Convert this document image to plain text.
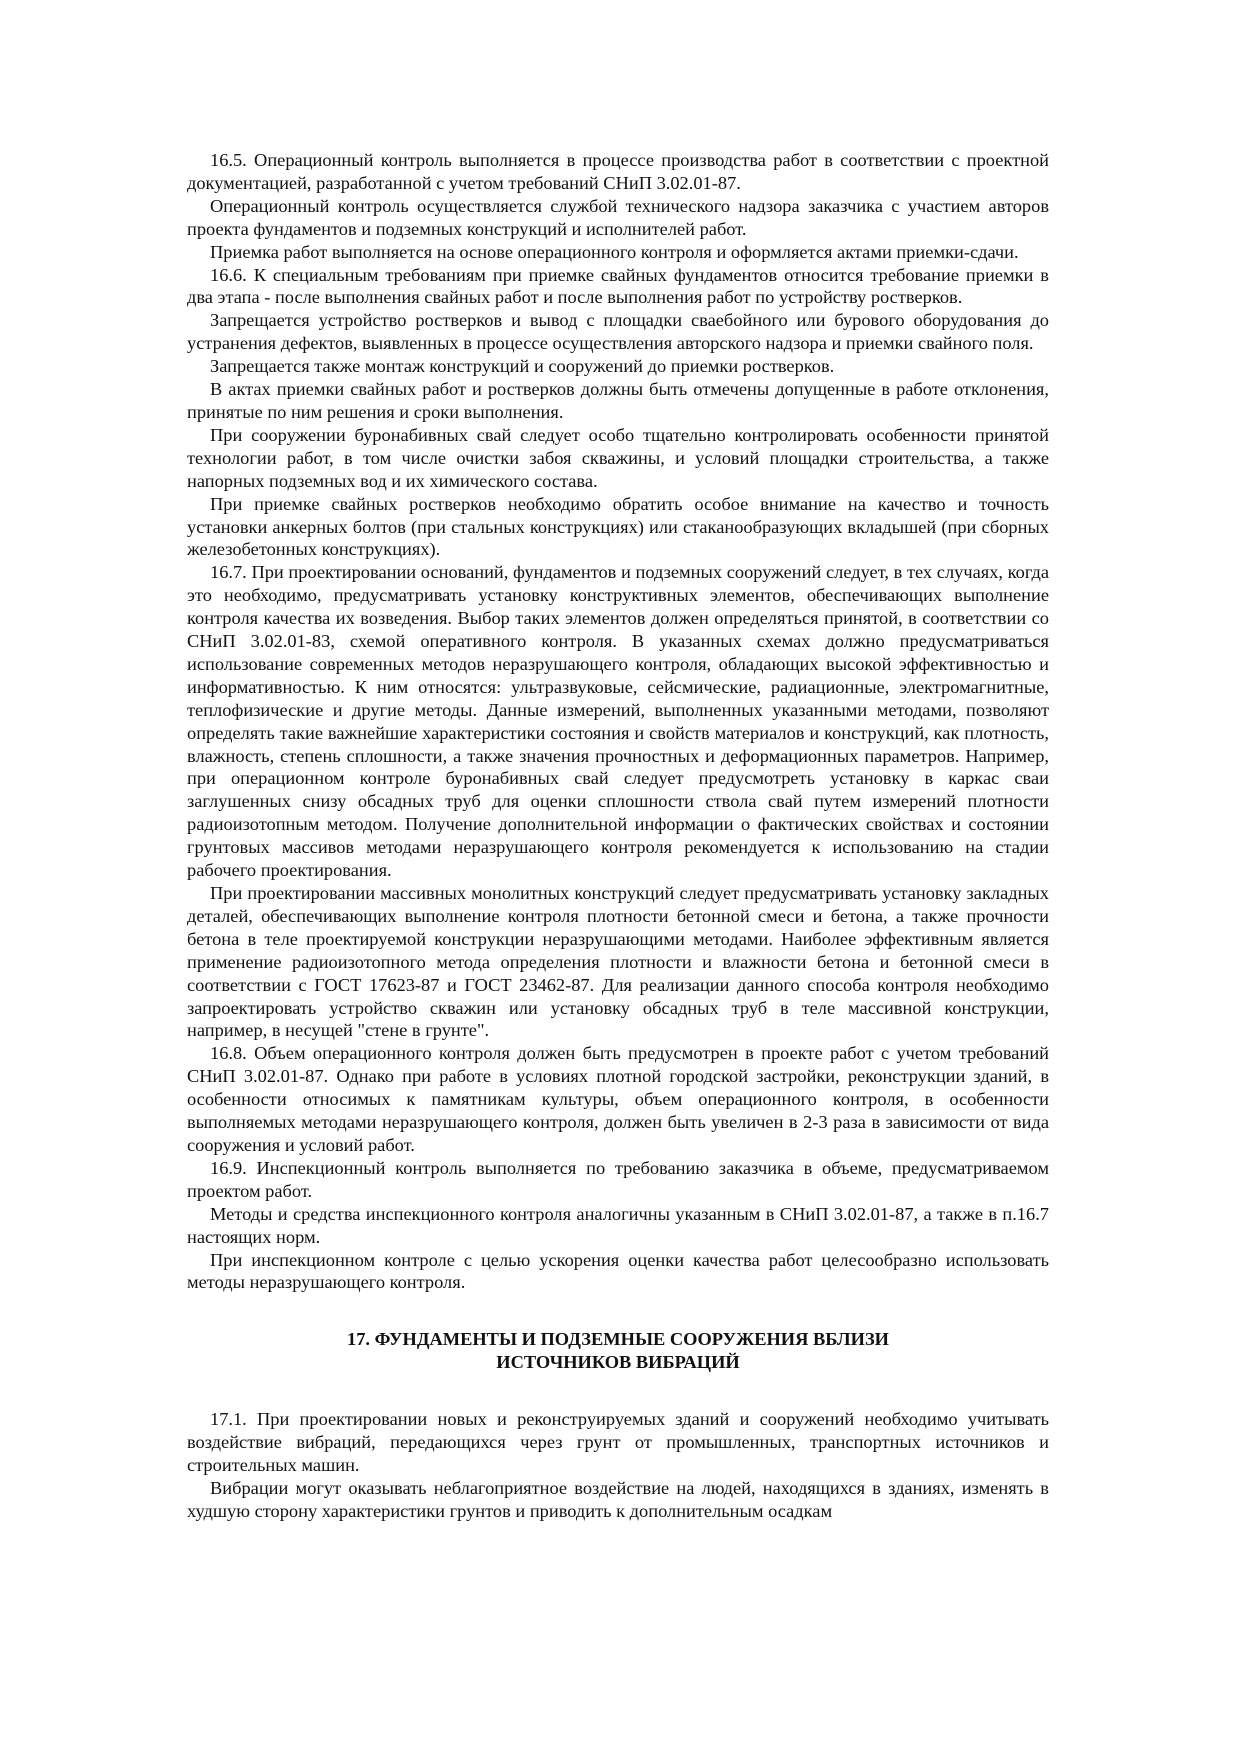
16.5. Операционный контроль выполняется в процессе производства работ в соответствии с проектной документацией, разработанной с учетом требований СНиП 3.02.01-87.

Операционный контроль осуществляется службой технического надзора заказчика с участием авторов проекта фундаментов и подземных конструкций и исполнителей работ.

Приемка работ выполняется на основе операционного контроля и оформляется актами приемки-сдачи.

16.6. К специальным требованиям при приемке свайных фундаментов относится требование приемки в два этапа - после выполнения свайных работ и после выполнения работ по устройству ростверков.

Запрещается устройство ростверков и вывод с площадки сваебойного или бурового оборудования до устранения дефектов, выявленных в процессе осуществления авторского надзора и приемки свайного поля.

Запрещается также монтаж конструкций и сооружений до приемки ростверков.

В актах приемки свайных работ и ростверков должны быть отмечены допущенные в работе отклонения, принятые по ним решения и сроки выполнения.

При сооружении буронабивных свай следует особо тщательно контролировать особенности принятой технологии работ, в том числе очистки забоя скважины, и условий площадки строительства, а также напорных подземных вод и их химического состава.

При приемке свайных ростверков необходимо обратить особое внимание на качество и точность установки анкерных болтов (при стальных конструкциях) или стаканообразующих вкладышей (при сборных железобетонных конструкциях).

16.7. При проектировании оснований, фундаментов и подземных сооружений следует, в тех случаях, когда это необходимо, предусматривать установку конструктивных элементов, обеспечивающих выполнение контроля качества их возведения. Выбор таких элементов должен определяться принятой, в соответствии со СНиП 3.02.01-83, схемой оперативного контроля. В указанных схемах должно предусматриваться использование современных методов неразрушающего контроля, обладающих высокой эффективностью и информативностью. К ним относятся: ультразвуковые, сейсмические, радиационные, электромагнитные, теплофизические и другие методы. Данные измерений, выполненных указанными методами, позволяют определять такие важнейшие характеристики состояния и свойств материалов и конструкций, как плотность, влажность, степень сплошности, а также значения прочностных и деформационных параметров. Например, при операционном контроле буронабивных свай следует предусмотреть установку в каркас сваи заглушенных снизу обсадных труб для оценки сплошности ствола свай путем измерений плотности радиоизотопным методом. Получение дополнительной информации о фактических свойствах и состоянии грунтовых массивов методами неразрушающего контроля рекомендуется к использованию на стадии рабочего проектирования.

При проектировании массивных монолитных конструкций следует предусматривать установку закладных деталей, обеспечивающих выполнение контроля плотности бетонной смеси и бетона, а также прочности бетона в теле проектируемой конструкции неразрушающими методами. Наиболее эффективным является применение радиоизотопного метода определения плотности и влажности бетона и бетонной смеси в соответствии с ГОСТ 17623-87 и ГОСТ 23462-87. Для реализации данного способа контроля необходимо запроектировать устройство скважин или установку обсадных труб в теле массивной конструкции, например, в несущей "стене в грунте".

16.8. Объем операционного контроля должен быть предусмотрен в проекте работ с учетом требований СНиП 3.02.01-87. Однако при работе в условиях плотной городской застройки, реконструкции зданий, в особенности относимых к памятникам культуры, объем операционного контроля, в особенности выполняемых методами неразрушающего контроля, должен быть увеличен в 2-3 раза в зависимости от вида сооружения и условий работ.

16.9. Инспекционный контроль выполняется по требованию заказчика в объеме, предусматриваемом проектом работ.

Методы и средства инспекционного контроля аналогичны указанным в СНиП 3.02.01-87, а также в п.16.7 настоящих норм.

При инспекционном контроле с целью ускорения оценки качества работ целесообразно использовать методы неразрушающего контроля.

17. ФУНДАМЕНТЫ И ПОДЗЕМНЫЕ СООРУЖЕНИЯ ВБЛИЗИ
ИСТОЧНИКОВ ВИБРАЦИЙ

17.1. При проектировании новых и реконструируемых зданий и сооружений необходимо учитывать воздействие вибраций, передающихся через грунт от промышленных, транспортных источников и строительных машин.

Вибрации могут оказывать неблагоприятное воздействие на людей, находящихся в зданиях, изменять в худшую сторону характеристики грунтов и приводить к дополнительным осадкам
